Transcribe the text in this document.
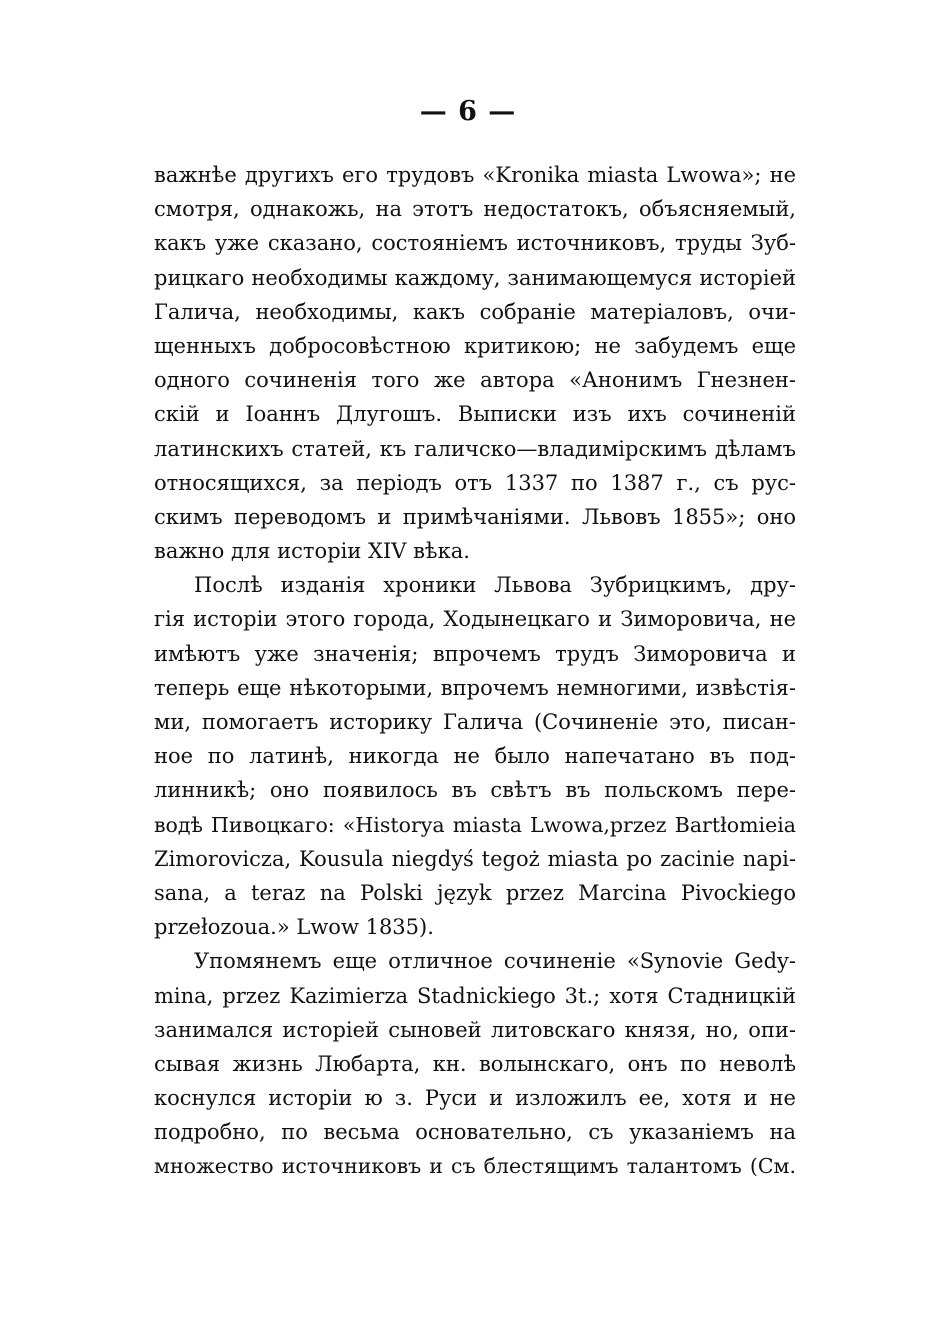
— 6 —
важнѣе другихъ его трудовъ «Kronika miasta Lwowa»; не
смотря, однакожь, на этотъ недостатокъ, объясняемый,
какъ уже сказано, состояніемъ источниковъ, труды Зуб-
рицкаго необходимы каждому, занимающемуся исторіей
Галича, необходимы, какъ собраніе матеріаловъ, очи-
щенныхъ добросовѣстною критикою; не забудемъ еще
одного сочиненія того же автора «Анонимъ Гнезнен-
скій и Іоаннъ Длугошъ. Выписки изъ ихъ сочиненій
латинскихъ статей, къ галичско—владимірскимъ дѣламъ
относящихся, за періодъ отъ 1337 по 1387 г., съ рус-
скимъ переводомъ и примѣчаніями. Львовъ 1855»; оно
важно для исторіи XIV вѣка.
Послѣ изданія хроники Львова Зубрицкимъ, дру-
гія исторіи этого города, Ходынецкаго и Зимоpовича, не
имѣютъ уже значенія; впрочемъ трудъ Зиморовича и
теперь еще нѣкоторыми, впрочемъ немногими, извѣстія-
ми, помогаетъ историку Галича (Сочиненіе это, писан-
ное по латинѣ, никогда не было напечатано въ под-
линникѣ; оно появилось въ свѣтъ въ польскомъ пере-
водѣ Пивоцкаго: «Historya miasta Lwowa,przez Bartłomieia
Zimorovicza, Kousula niegdyś tegoż miasta po zacinie napi-
sana, a teraz na Polski język przez Marcina Pivockiego
przełozoua.» Lwow 1835).
Упомянемъ еще отличное сочиненіе «Synovie Gedy-
mina, przez Kazimierza Stadnickiego 3t.; хотя Стадницкій
занимался исторіей сыновей литовскаго князя, но, опи-
сывая жизнь Любарта, кн. волынскаго, онъ по неволѣ
коснулся исторіи ю з. Руси и изложилъ ее, хотя и не
подробно, по весьма основательно, съ указаніемъ на
множество источниковъ и съ блестящимъ талантомъ (См.
